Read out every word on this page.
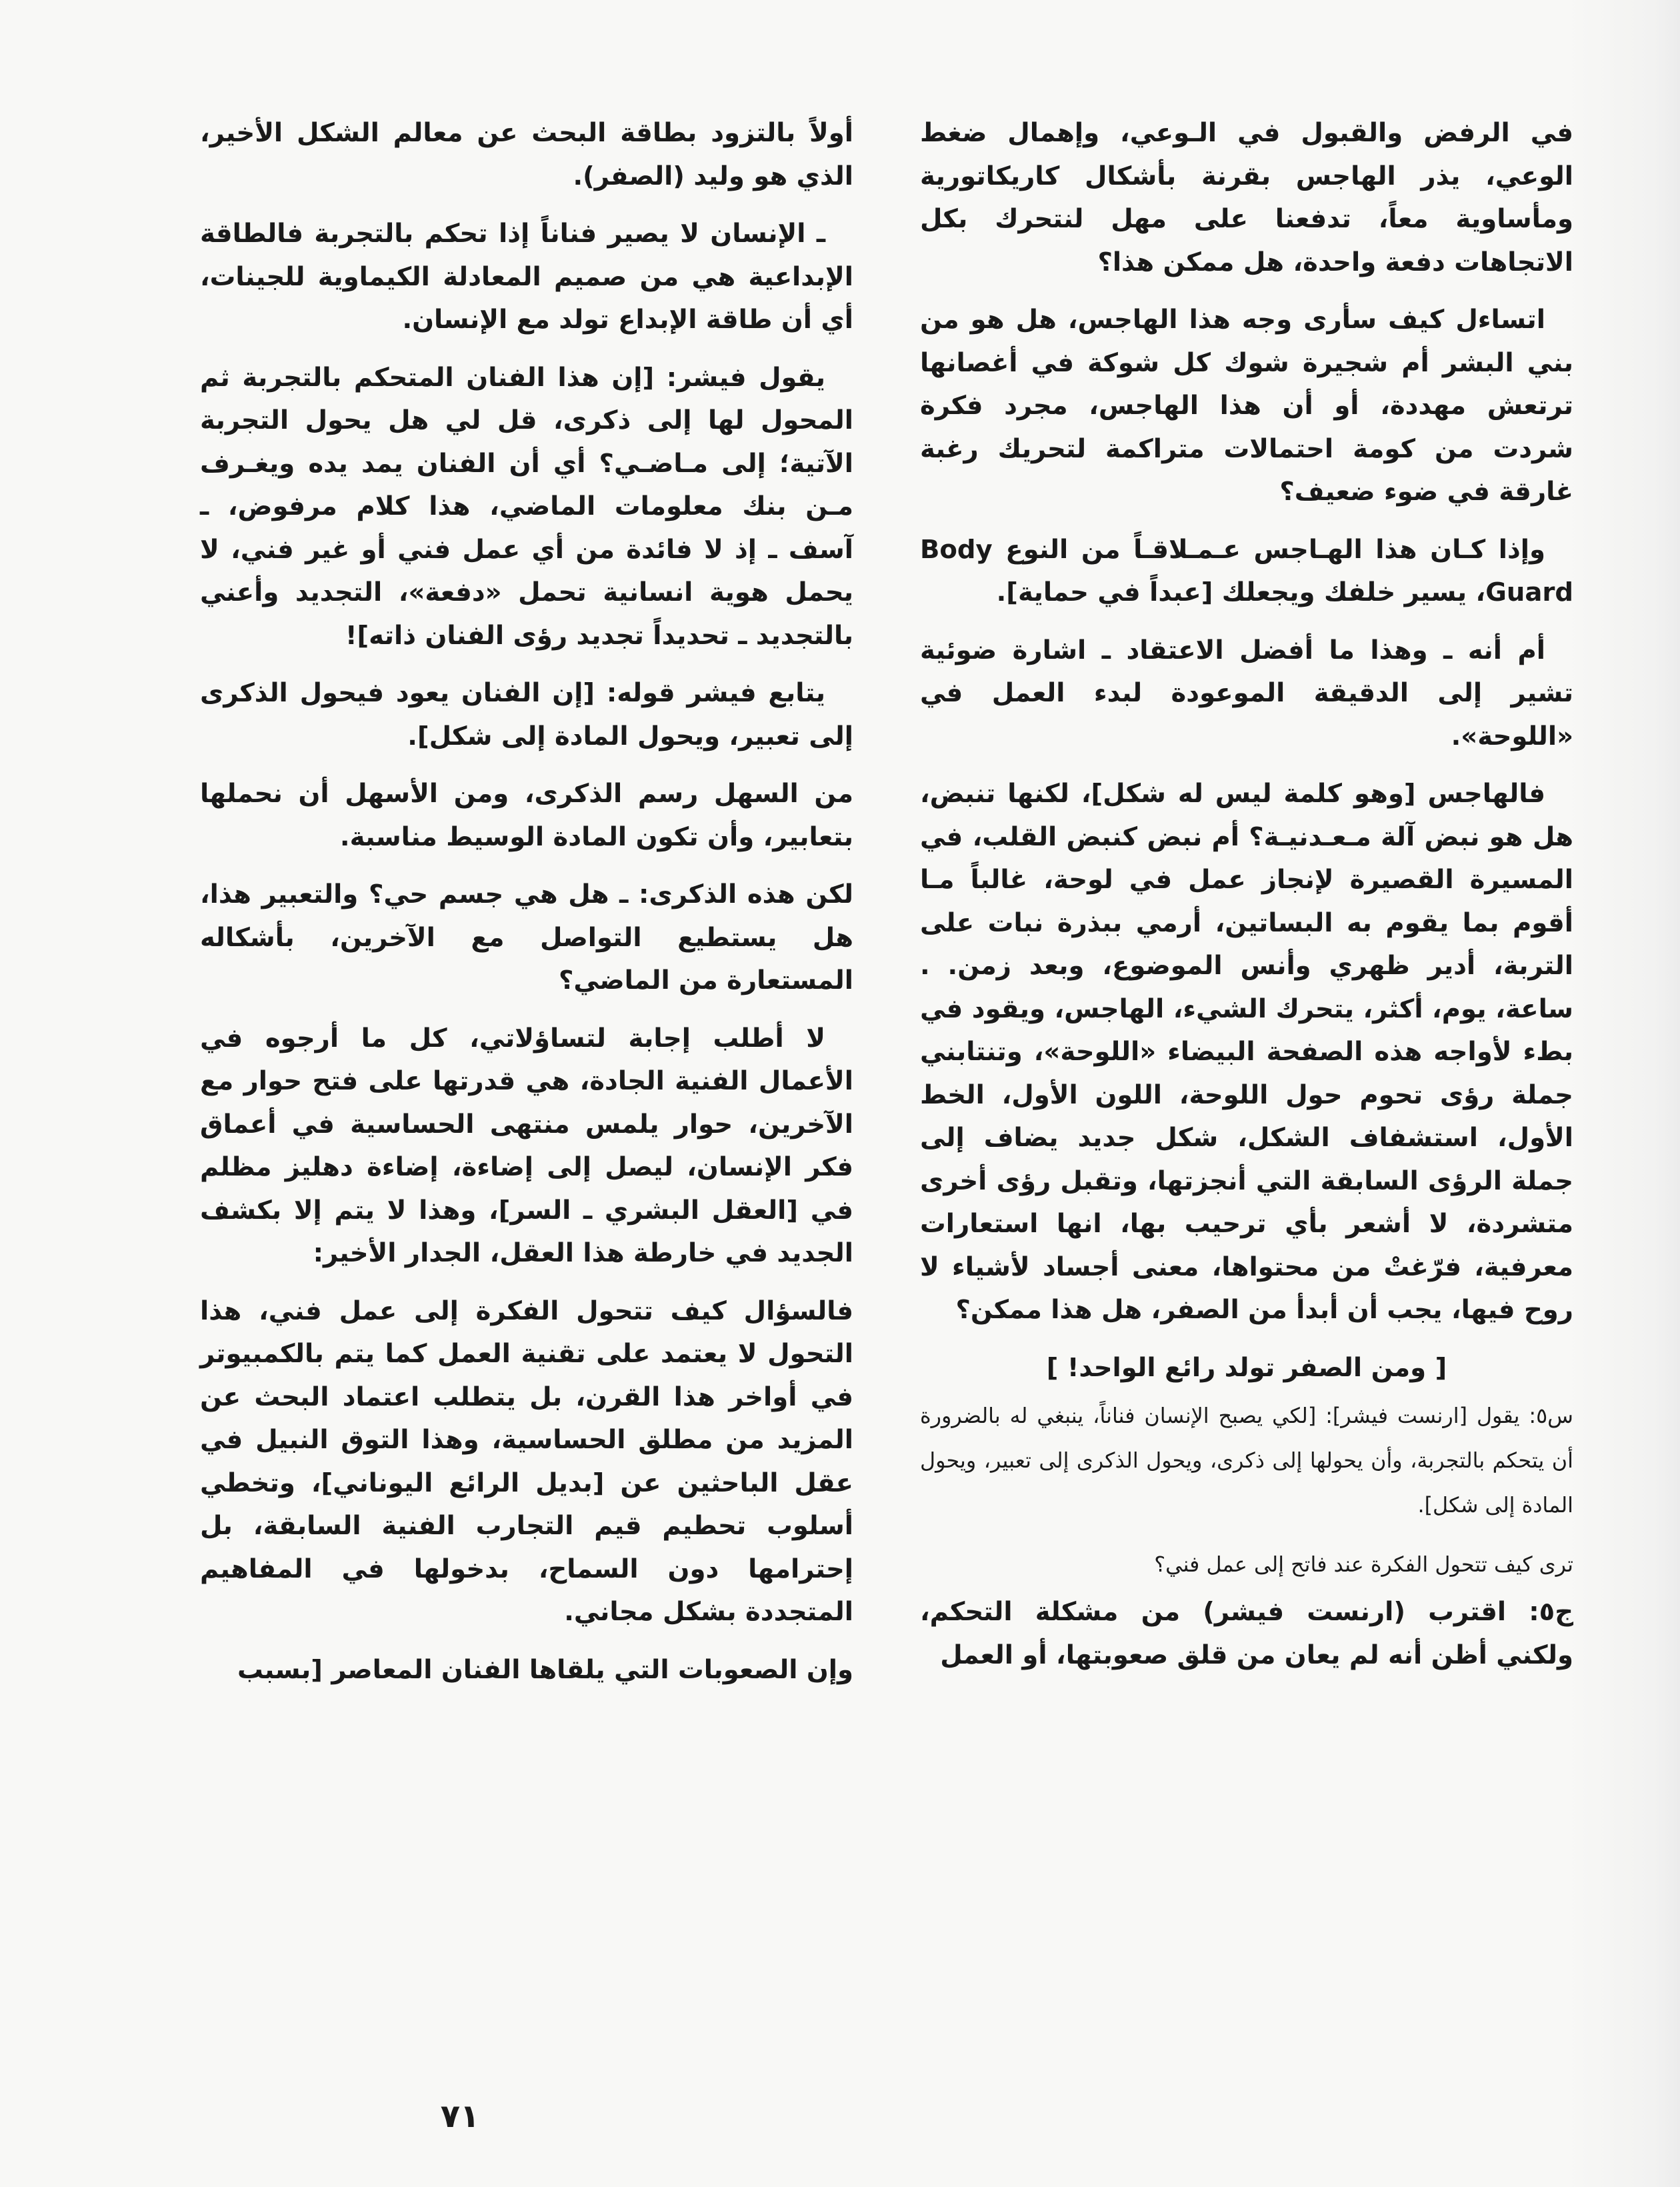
في الرفض والقبول في الـوعي، وإهمال ضغط الوعي، يذر الهاجس بقرنة بأشكال كاريكاتورية ومأساوية معاً، تدفعنا على مهل لنتحرك بكل الاتجاهات دفعة واحدة، هل ممكن هذا؟

اتساءل كيف سأرى وجه هذا الهاجس، هل هو من بني البشر أم شجيرة شوك كل شوكة في أغصانها ترتعش مهددة، أو أن هذا الهاجس، مجرد فكرة شردت من كومة احتمالات متراكمة لتحريك رغبة غارقة في ضوء ضعيف؟

وإذا كـان هذا الهـاجس عـمـلاقـاً من النوع Body Guard، يسير خلفك ويجعلك [عبداً في حماية].

أم أنه ـ وهذا ما أفضل الاعتقاد ـ اشارة ضوئية تشير إلى الدقيقة الموعودة لبدء العمل في «اللوحة».

فالهاجس [وهو كلمة ليس له شكل]، لكنها تنبض، هل هو نبض آلة مـعـدنيـة؟ أم نبض كنبض القلب، في المسيرة القصيرة لإنجاز عمل في لوحة، غالباً مـا أقوم بما يقوم به البساتين، أرمي ببذرة نبات على التربة، أدير ظهري وأنس الموضوع، وبعد زمن. . ساعة، يوم، أكثر، يتحرك الشيء، الهاجس، ويقود في بطء لأواجه هذه الصفحة البيضاء «اللوحة»، وتنتابني جملة رؤى تحوم حول اللوحة، اللون الأول، الخط الأول، استشفاف الشكل، شكل جديد يضاف إلى جملة الرؤى السابقة التي أنجزتها، وتقبل رؤى أخرى متشردة، لا أشعر بأي ترحيب بها، انها استعارات معرفية، فرّغتْ من محتواها، معنى أجساد لأشياء لا روح فيها، يجب أن أبدأ من الصفر، هل هذا ممكن؟

[ ومن الصفر تولد رائع الواحد! ]

س٥: يقول [ارنست فيشر]: [لكي يصبح الإنسان فناناً، ينبغي له بالضرورة أن يتحكم بالتجربة، وأن يحولها إلى ذكرى، ويحول الذكرى إلى تعبير، ويحول المادة إلى شكل].

ترى كيف تتحول الفكرة عند فاتح إلى عمل فني؟

ج٥: اقترب (ارنست فيشر) من مشكلة التحكم، ولكني أظن أنه لم يعان من قلق صعوبتها، أو العمل

أولاً بالتزود بطاقة البحث عن معالم الشكل الأخير، الذي هو وليد (الصفر).

ـ الإنسان لا يصير فناناً إذا تحكم بالتجربة فالطاقة الإبداعية هي من صميم المعادلة الكيماوية للجينات، أي أن طاقة الإبداع تولد مع الإنسان.

يقول فيشر: [إن هذا الفنان المتحكم بالتجربة ثم المحول لها إلى ذكرى، قل لي هل يحول التجربة الآتية؛ إلى مـاضـي؟ أي أن الفنان يمد يده ويغـرف مـن بنك معلومات الماضي، هذا كلام مرفوض، ـ آسف ـ إذ لا فائدة من أي عمل فني أو غير فني، لا يحمل هوية انسانية تحمل «دفعة»، التجديد وأعني بالتجديد ـ تحديداً تجديد رؤى الفنان ذاته]!

يتابع فيشر قوله: [إن الفنان يعود فيحول الذكرى إلى تعبير، ويحول المادة إلى شكل].

من السهل رسم الذكرى، ومن الأسهل أن نحملها بتعابير، وأن تكون المادة الوسيط مناسبة.

لكن هذه الذكرى: ـ هل هي جسم حي؟ والتعبير هذا، هل يستطيع التواصل مع الآخرين، بأشكاله المستعارة من الماضي؟

لا أطلب إجابة لتساؤلاتي، كل ما أرجوه في الأعمال الفنية الجادة، هي قدرتها على فتح حوار مع الآخرين، حوار يلمس منتهى الحساسية في أعماق فكر الإنسان، ليصل إلى إضاءة، إضاءة دهليز مظلم في [العقل البشري ـ السر]، وهذا لا يتم إلا بكشف الجديد في خارطة هذا العقل، الجدار الأخير:

فالسؤال كيف تتحول الفكرة إلى عمل فني، هذا التحول لا يعتمد على تقنية العمل كما يتم بالكمبيوتر في أواخر هذا القرن، بل يتطلب اعتماد البحث عن المزيد من مطلق الحساسية، وهذا التوق النبيل في عقل الباحثين عن [بديل الرائع اليوناني]، وتخطي أسلوب تحطيم قيم التجارب الفنية السابقة، بل إحترامها دون السماح، بدخولها في المفاهيم المتجددة بشكل مجاني.

وإن الصعوبات التي يلقاها الفنان المعاصر [بسبب

٧١
